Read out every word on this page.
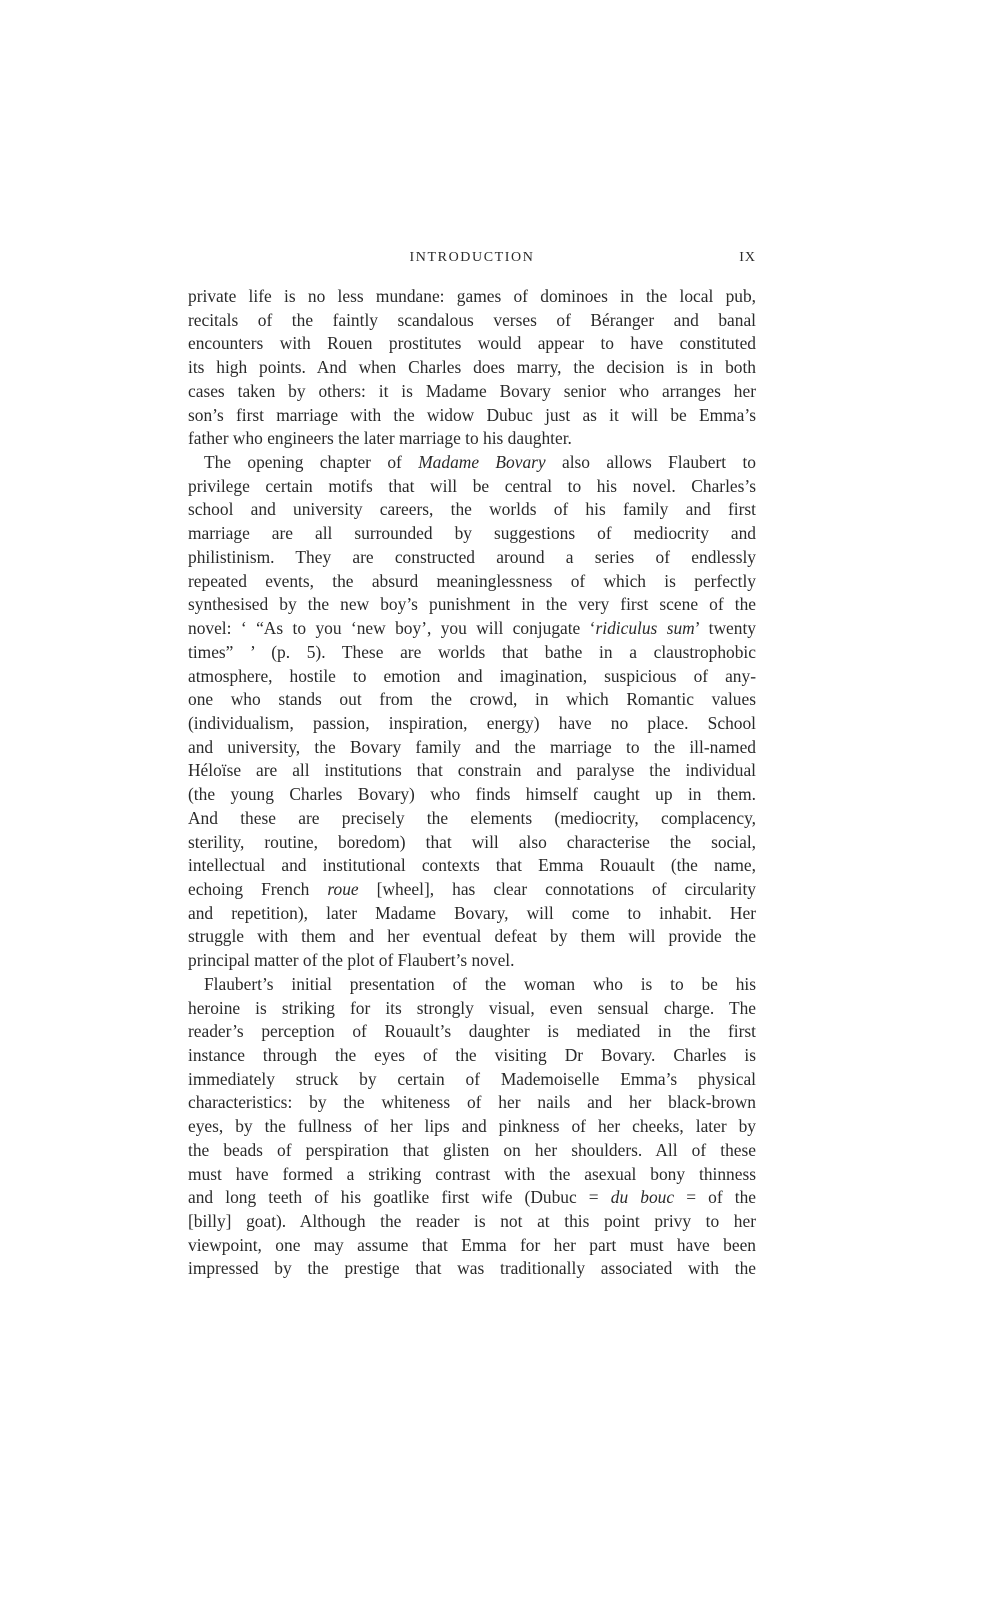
INTRODUCTION	IX
private life is no less mundane: games of dominoes in the local pub,
recitals of the faintly scandalous verses of Béranger and banal
encounters with Rouen prostitutes would appear to have constituted
its high points. And when Charles does marry, the decision is in both
cases taken by others: it is Madame Bovary senior who arranges her
son’s first marriage with the widow Dubuc just as it will be Emma’s
father who engineers the later marriage to his daughter.
The opening chapter of Madame Bovary also allows Flaubert to
privilege certain motifs that will be central to his novel. Charles’s
school and university careers, the worlds of his family and first
marriage are all surrounded by suggestions of mediocrity and
philistinism. They are constructed around a series of endlessly
repeated events, the absurd meaninglessness of which is perfectly
synthesised by the new boy’s punishment in the very first scene of the
novel: ‘ “As to you ‘new boy’, you will conjugate ‘ridiculus sum’ twenty
times” ’ (p. 5). These are worlds that bathe in a claustrophobic
atmosphere, hostile to emotion and imagination, suspicious of any-
one who stands out from the crowd, in which Romantic values
(individualism, passion, inspiration, energy) have no place. School
and university, the Bovary family and the marriage to the ill-named
Héloïse are all institutions that constrain and paralyse the individual
(the young Charles Bovary) who finds himself caught up in them.
And these are precisely the elements (mediocrity, complacency,
sterility, routine, boredom) that will also characterise the social,
intellectual and institutional contexts that Emma Rouault (the name,
echoing French roue [wheel], has clear connotations of circularity
and repetition), later Madame Bovary, will come to inhabit. Her
struggle with them and her eventual defeat by them will provide the
principal matter of the plot of Flaubert’s novel.
Flaubert’s initial presentation of the woman who is to be his
heroine is striking for its strongly visual, even sensual charge. The
reader’s perception of Rouault’s daughter is mediated in the first
instance through the eyes of the visiting Dr Bovary. Charles is
immediately struck by certain of Mademoiselle Emma’s physical
characteristics: by the whiteness of her nails and her black-brown
eyes, by the fullness of her lips and pinkness of her cheeks, later by
the beads of perspiration that glisten on her shoulders. All of these
must have formed a striking contrast with the asexual bony thinness
and long teeth of his goatlike first wife (Dubuc = du bouc = of the
[billy] goat). Although the reader is not at this point privy to her
viewpoint, one may assume that Emma for her part must have been
impressed by the prestige that was traditionally associated with the
